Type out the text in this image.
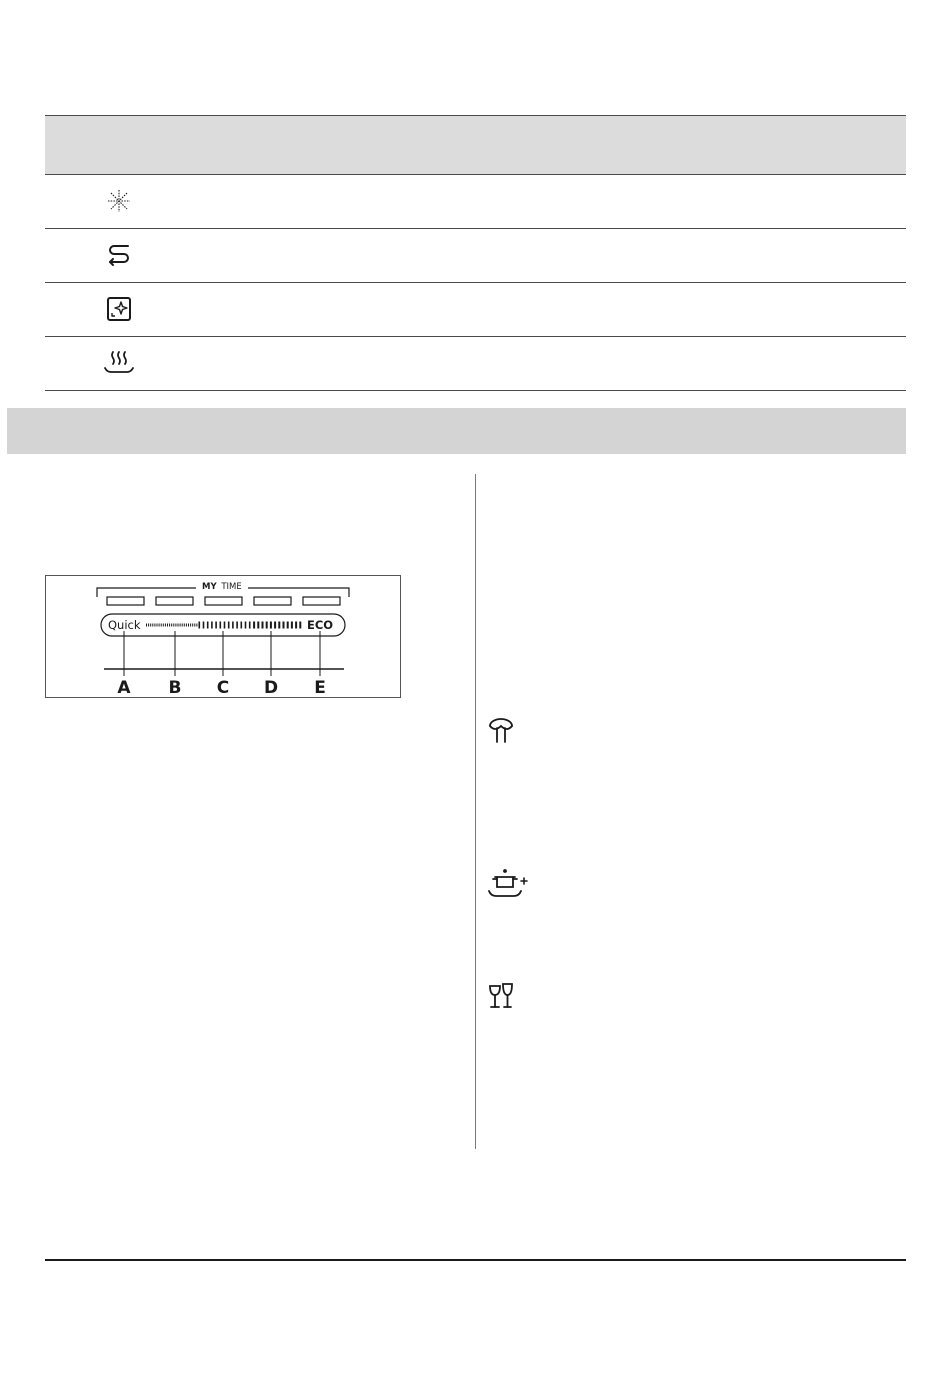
MY TIME
Quick	ECO
A B C D E
